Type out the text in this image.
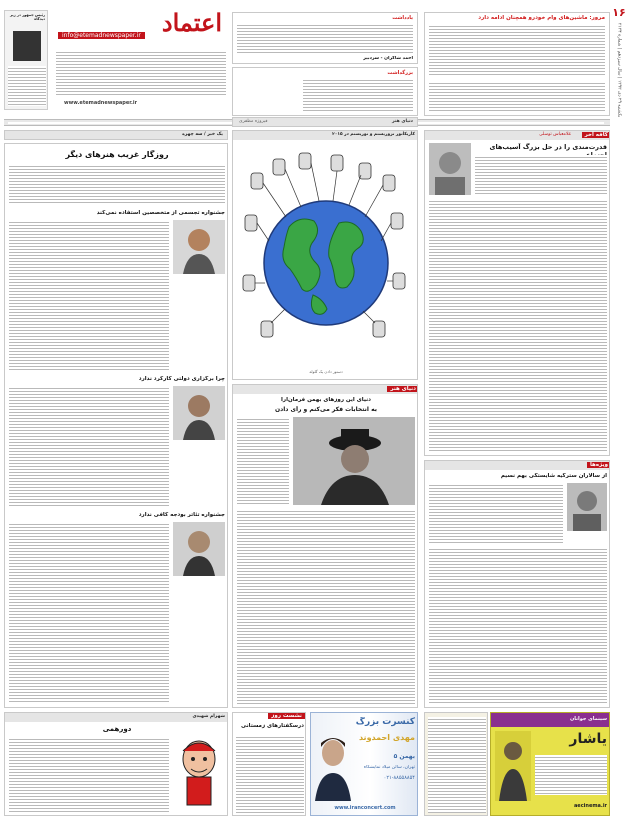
۱۶
یکشنبه ۲۹ دی ۱۳۹۳ | سال سیزدهم | شماره ۳۱۳۴
مرور: ماشین‌های وام خودرو همچنان ادامه دارد
یادداشت
احمد شاکران - سردبیر
بزرگداشت
رئیس جمهور در زیر دیدگاه	اعتماد
info@etemadnewspaper.ir
www.etemadnewspaper.ir
کافه آخر
غلامعباس توسلی
قدرت‌مندی را در حل بزرگ آسیب‌های
ویژه‌ها
از سالاران سترگیه شایستگی بهم نسیم
دنیای هنر
فیروزه مظفری
کاریکاتور تروریستم و توریستم در ۲۰۱۵
دستور دادن یک گلوله
دنیای هنر
دنیای این روزهای بهمن فرمان‌آرا
به انتخابات فکر می‌کنم و رأی دادن
یک خبر / سه چهره
روزگار غریب هنرهای دیگر
جشنواره تجسمی از متخصصین استفاده نمی‌کند
چرا برگزاری دولتی کارکرد ندارد
جشنواره تئاتر بودجه کافی ندارد
شهرام شهیدی
دورهمی
نشست روز
درسگفتارهای زمستانی	کنسرت بزرگ
مهدی احمدوند
۵ بهمن
تهران، سالن میلاد نمایشگاه
۰۲۱-۸۸۵۵۸۸۵۴
www.iranconcert.com
سینمای جوانان
یاشار
aecinema.ir
